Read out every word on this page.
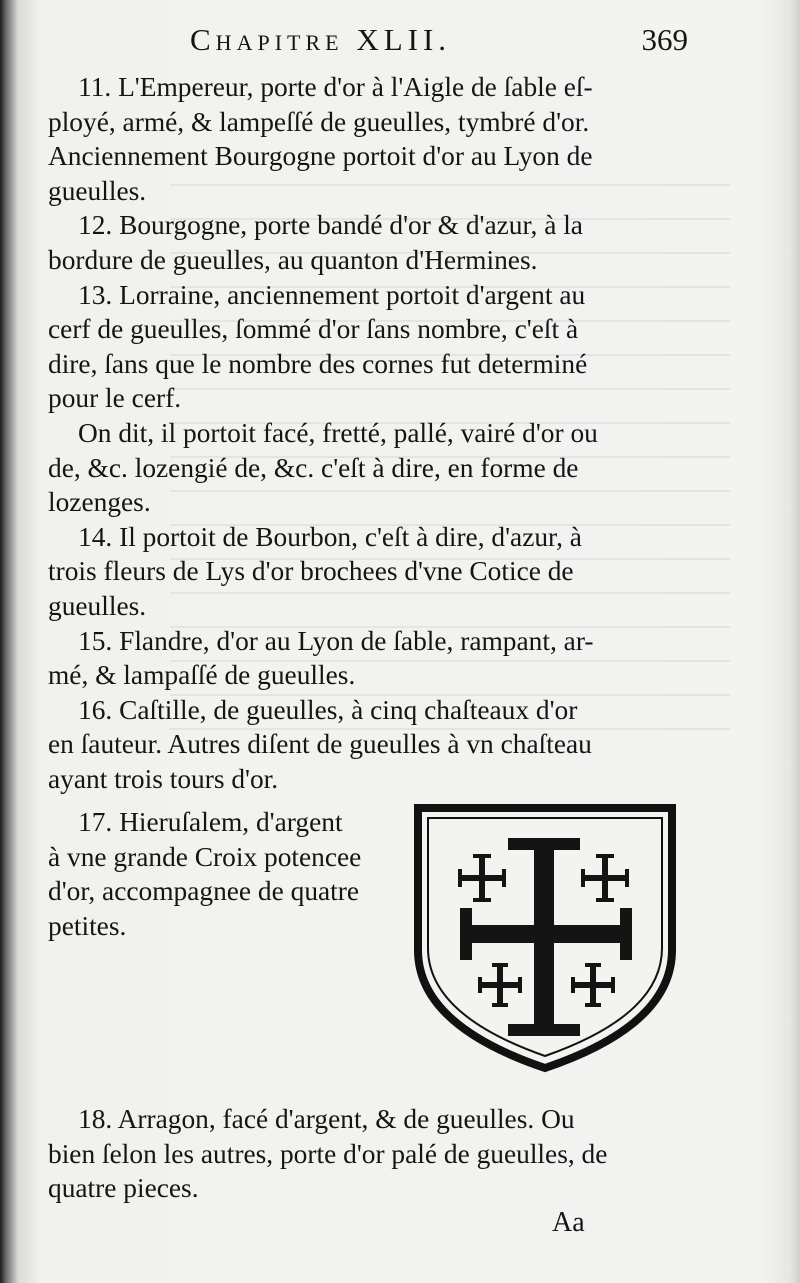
Chapitre XLII.	369

11. L'Empereur, porte d'or à l'Aigle de ſable eſ-
ployé, armé, & lampeſſé de gueulles, tymbré d'or.
Anciennement Bourgogne portoit d'or au Lyon de
gueulles.

12. Bourgogne, porte bandé d'or & d'azur, à la
bordure de gueulles, au quanton d'Hermines.

13. Lorraine, anciennement portoit d'argent au
cerf de gueulles, ſommé d'or ſans nombre, c'eſt à
dire, ſans que le nombre des cornes fut determiné
pour le cerf.

On dit, il portoit facé, fretté, pallé, vairé d'or ou
de, &c. lozengié de, &c. c'eſt à dire, en forme de
lozenges.

14. Il portoit de Bourbon, c'eſt à dire, d'azur, à
trois fleurs de Lys d'or brochees d'vne Cotice de
gueulles.

15. Flandre, d'or au Lyon de ſable, rampant, ar-
mé, & lampaſſé de gueulles.

16. Caſtille, de gueulles, à cinq chaſteaux d'or
en ſauteur. Autres diſent de gueulles à vn chaſteau
ayant trois tours d'or.

17. Hieruſalem, d'argent
à vne grande Croix potencee
d'or, accompagnee de quatre
petites.
18. Arragon, facé d'argent, & de gueulles. Ou
bien ſelon les autres, porte d'or palé de gueulles, de
quatre pieces.
Aa
